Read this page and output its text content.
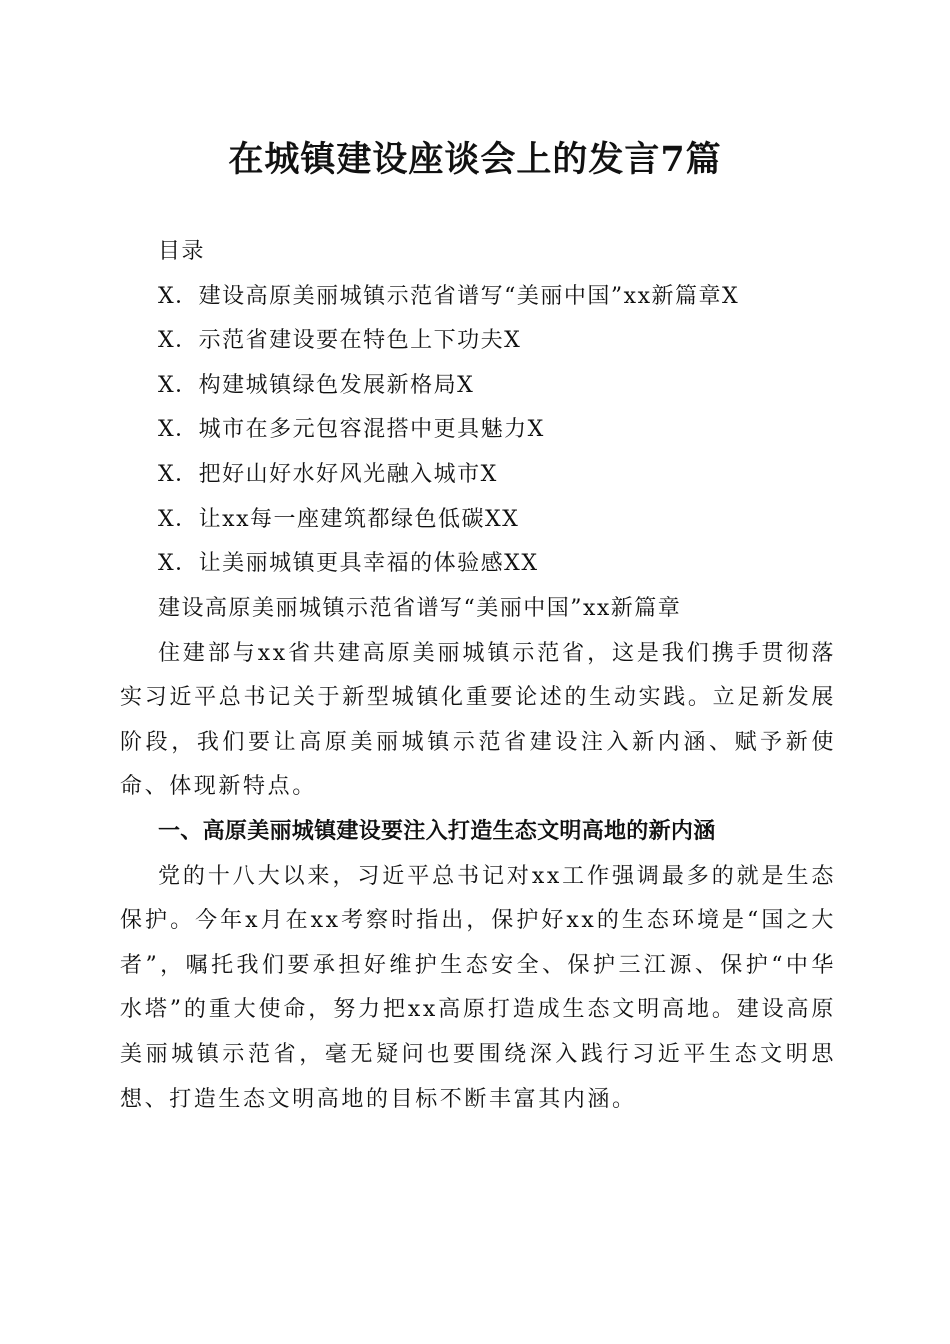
在城镇建设座谈会上的发言7篇
目录
X．建设高原美丽城镇示范省谱写“美丽中国”xx新篇章X
X．示范省建设要在特色上下功夫X
X．构建城镇绿色发展新格局X
X．城市在多元包容混搭中更具魅力X
X．把好山好水好风光融入城市X
X．让xx每一座建筑都绿色低碳XX
X．让美丽城镇更具幸福的体验感XX
建设高原美丽城镇示范省谱写“美丽中国”xx新篇章

住建部与xx省共建高原美丽城镇示范省，这是我们携手贯彻落实习近平总书记关于新型城镇化重要论述的生动实践。立足新发展阶段，我们要让高原美丽城镇示范省建设注入新内涵、赋予新使命、体现新特点。

一、高原美丽城镇建设要注入打造生态文明高地的新内涵

党的十八大以来，习近平总书记对xx工作强调最多的就是生态保护。今年x月在xx考察时指出，保护好xx的生态环境是“国之大者”，嘱托我们要承担好维护生态安全、保护三江源、保护“中华水塔”的重大使命，努力把xx高原打造成生态文明高地。建设高原美丽城镇示范省，毫无疑问也要围绕深入践行习近平生态文明思想、打造生态文明高地的目标不断丰富其内涵。
